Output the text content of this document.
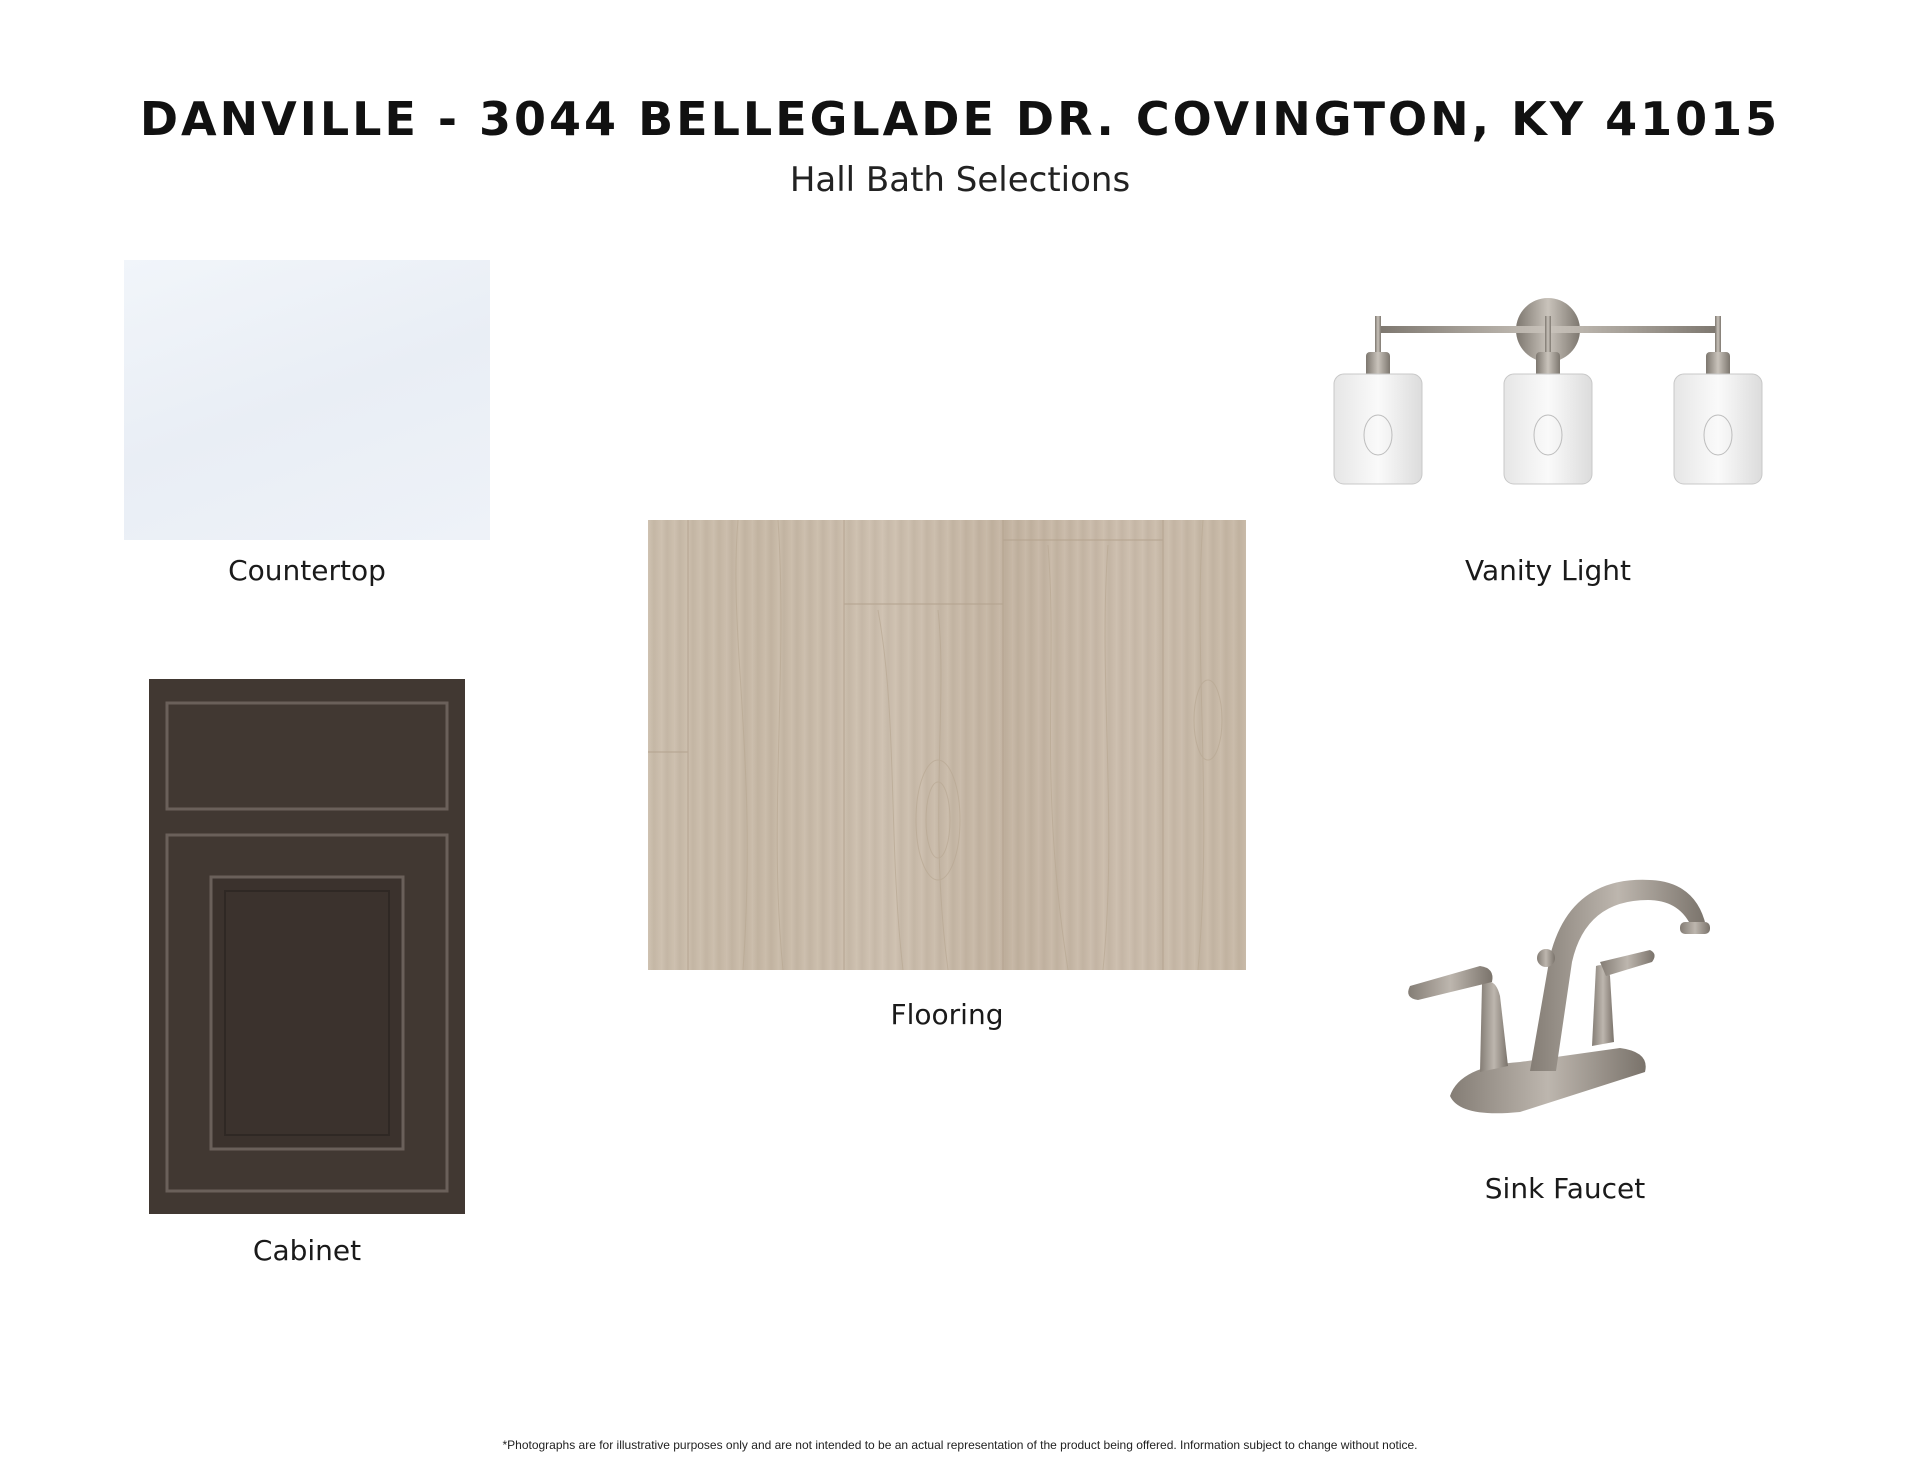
DANVILLE - 3044 BELLEGLADE DR. COVINGTON, KY 41015
Hall Bath Selections
Countertop
Flooring
Vanity Light
Cabinet
Sink Faucet
*Photographs are for illustrative purposes only and are not intended to be an actual representation of the product being offered. Information subject to change without notice.
